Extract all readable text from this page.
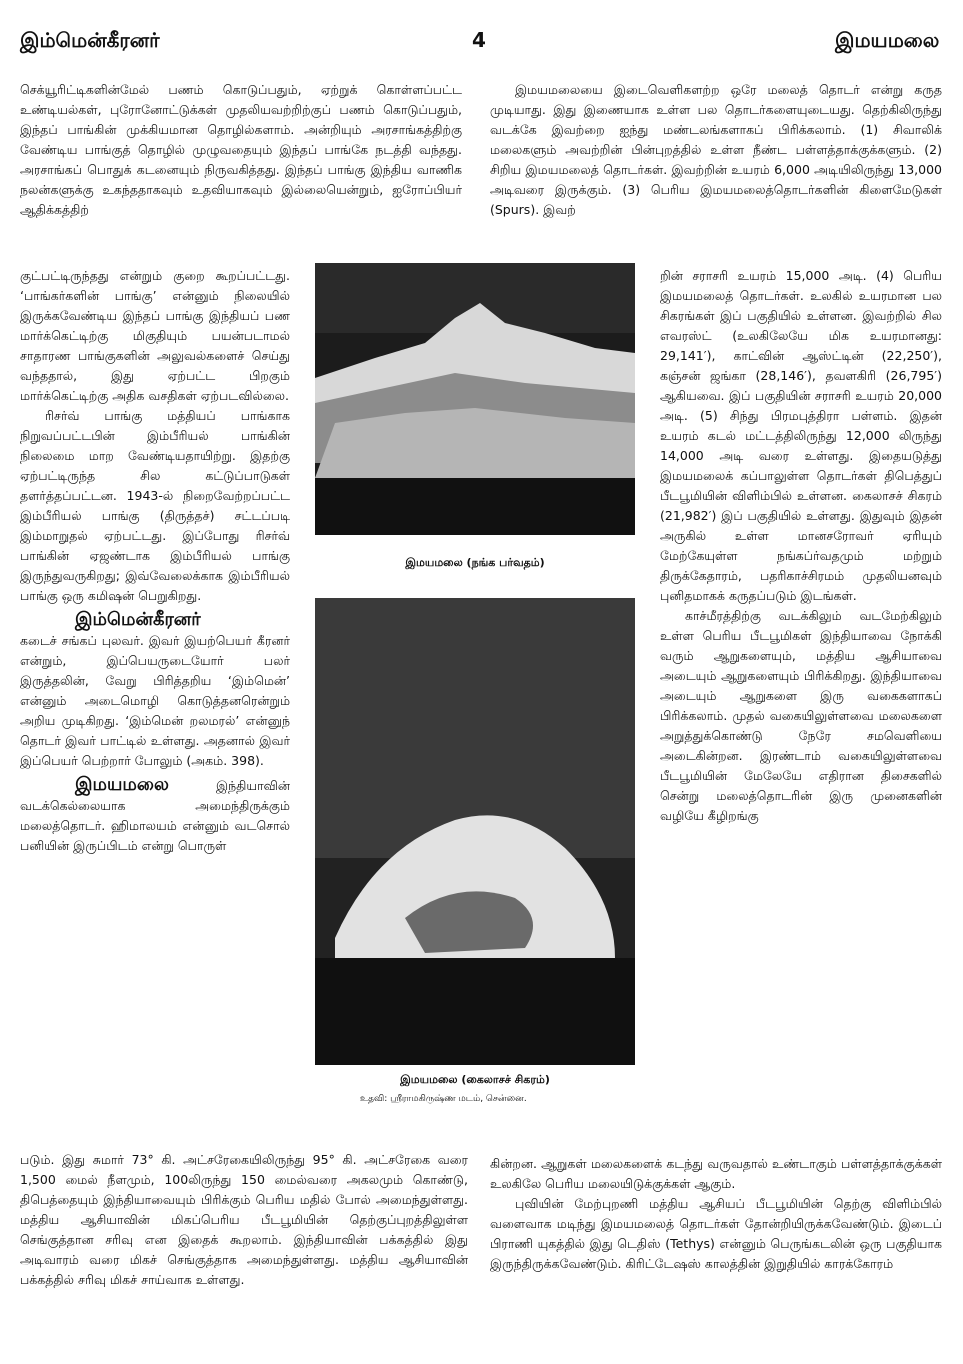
இம்மென்கீரனர்	4	இமயமலை

செக்யூரிட்டிகளின்மேல் பணம் கொடுப்பதும், ஏற்றுக் கொள்ளப்பட்ட உண்டியல்கள், புரோனோட்டுக்கள் முதலியவற்றிற்குப் பணம் கொடுப்பதும், இந்தப் பாங்கின் முக்கியமான தொழில்களாம். அன்றியும் அரசாங்கத்திற்கு வேண்டிய பாங்குத் தொழில் முழுவதையும் இந்தப் பாங்கே நடத்தி வந்தது. அரசாங்கப் பொதுக் கடனையும் நிருவகித்தது. இந்தப் பாங்கு இந்திய வாணிக நலன்களுக்கு உகந்ததாகவும் உதவியாகவும் இல்லையென்றும், ஐரோப்பியர் ஆதிக்கத்திற்

குட்பட்டிருந்தது என்றும் குறை கூறப்பட்டது. ‘பாங்கர்களின் பாங்கு’ என்னும் நிலையில் இருக்கவேண்டிய இந்தப் பாங்கு இந்தியப் பண மார்க்கெட்டிற்கு மிகுதியும் பயன்படாமல் சாதாரண பாங்குகளின் அலுவல்களைச் செய்து வந்ததால், இது ஏற்பட்ட பிறகும் மார்க்கெட்டிற்கு அதிக வசதிகள் ஏற்படவில்லை.
ரிசர்வ் பாங்கு மத்தியப் பாங்காக நிறுவப்பட்டபின் இம்பீரியல் பாங்கின் நிலைமை மாற வேண்டியதாயிற்று. இதற்கு ஏற்பட்டிருந்த சில கட்டுப்பாடுகள் தளர்த்தப்பட்டன. 1943-ல் நிறைவேற்றப்பட்ட இம்பீரியல் பாங்கு (திருத்தச்) சட்டப்படி இம்மாறுதல் ஏற்பட்டது. இப்போது ரிசர்வ் பாங்கின் ஏஜண்டாக இம்பீரியல் பாங்கு இருந்துவருகிறது; இவ்வேலைக்காக இம்பீரியல் பாங்கு ஒரு கமிஷன் பெறுகிறது.
இம்மென்கீரனர்
கடைச் சங்கப் புலவர். இவர் இயற்பெயர் கீரனர் என்றும், இப்பெயருடையோர் பலர் இருத்தலின், வேறு பிரித்தறிய ‘இம்மென்’ என்னும் அடைமொழி கொடுத்தனரென்றும் அறிய முடிகிறது. ‘இம்மென் றலமரல்’ என்னுந் தொடர் இவர் பாட்டில் உள்ளது. அதனால் இவர் இப்பெயர் பெற்றார் போலும் (அகம். 398).
இமயமலை	இந்தியாவின் வடக்கெல்லையாக அமைந்திருக்கும் மலைத்தொடர். ஹிமாலயம் என்னும் வடசொல் பனியின் இருப்பிடம் என்று பொருள்

படும். இது சுமார் 73° கி. அட்சரேகையிலிருந்து 95° கி. அட்சரேகை வரை 1,500 மைல் நீளமும், 100லிருந்து 150 மைல்வரை அகலமும் கொண்டு, திபெத்தையும் இந்தியாவையும் பிரிக்கும் பெரிய மதில் போல் அமைந்துள்ளது. மத்திய ஆசியாவின் மிகப்பெரிய பீடபூமியின் தெற்குப்புறத்திலுள்ள செங்குத்தான சரிவு என இதைக் கூறலாம். இந்தியாவின் பக்கத்தில் இது அடிவாரம் வரை மிகச் செங்குத்தாக அமைந்துள்ளது. மத்திய ஆசியாவின் பக்கத்தில் சரிவு மிகச் சாய்வாக உள்ளது.

இமயமலை (நங்க பர்வதம்)
இமயமலை (கைலாசச் சிகரம்)
உதவி: ஸ்ரீராமகிருஷ்ண மடம், சென்னை.

இமயமலையை இடைவெளிகளற்ற ஒரே மலைத் தொடர் என்று கருத முடியாது. இது இணையாக உள்ள பல தொடர்களையுடையது. தெற்கிலிருந்து வடக்கே இவற்றை ஐந்து மண்டலங்களாகப் பிரிக்கலாம். (1) சிவாலிக் மலைகளும் அவற்றின் பின்புறத்தில் உள்ள நீண்ட பள்ளத்தாக்குக்களும். (2) சிறிய இமயமலைத் தொடர்கள். இவற்றின் உயரம் 6,000 அடியிலிருந்து 13,000 அடிவரை இருக்கும். (3) பெரிய இமயமலைத்தொடர்களின் கிளைமேடுகள் (Spurs). இவற்

றின் சராசரி உயரம் 15,000 அடி. (4) பெரிய இமயமலைத் தொடர்கள். உலகில் உயரமான பல சிகரங்கள் இப் பகுதியில் உள்ளன. இவற்றில் சில எவரஸ்ட் (உலகிலேயே மிக உயரமானது: 29,141′), காட்வின் ஆஸ்ட்டின் (22,250′), கஞ்சன் ஜங்கா (28,146′), தவளகிரி (26,795′) ஆகியவை. இப் பகுதியின் சராசரி உயரம் 20,000 அடி. (5) சிந்து பிரமபுத்திரா பள்ளம். இதன் உயரம் கடல் மட்டத்திலிருந்து 12,000 லிருந்து 14,000 அடி வரை உள்ளது. இதையடுத்து இமயமலைக் கப்பாலுள்ள தொடர்கள் திபெத்துப் பீடபூமியின் விளிம்பில் உள்ளன. கைலாசச் சிகரம் (21,982′) இப் பகுதியில் உள்ளது. இதுவும் இதன் அருகில் உள்ள மானசரோவர் ஏரியும் மேற்கேயுள்ள நங்கப்ர்வதமும் மற்றும் திருக்கேதாரம், பதரிகாச்சிரமம் முதலியனவும் புனிதமாகக் கருதப்படும் இடங்கள்.
காச்மீரத்திற்கு வடக்கிலும் வடமேற்கிலும் உள்ள பெரிய பீடபூமிகள் இந்தியாவை நோக்கி வரும் ஆறுகளையும், மத்திய ஆசியாவை அடையும் ஆறுகளையும் பிரிக்கிறது. இந்தியாவை அடையும் ஆறுகளை இரு வகைகளாகப் பிரிக்கலாம். முதல் வகையிலுள்ளவை மலைகளை அறுத்துக்கொண்டு நேரே சமவெளியை அடைகின்றன. இரண்டாம் வகையிலுள்ளவை பீடபூமியின் மேலேயே எதிரான திசைகளில் சென்று மலைத்தொடரின் இரு முனைகளின் வழியே கீழிறங்கு
கின்றன. ஆறுகள் மலைகளைக் கடந்து வருவதால் உண்டாகும் பள்ளத்தாக்குக்கள் உலகிலே பெரிய மலையிடுக்குக்கள் ஆகும்.
புவியின் மேற்புறணி மத்திய ஆசியப் பீடபூமியின் தெற்கு விளிம்பில் வளைவாக மடிந்து இமயமலைத் தொடர்கள் தோன்றியிருக்கவேண்டும். இடைப் பிராணி யுகத்தில் இது டெதிஸ் (Tethys) என்னும் பெருங்கடலின் ஒரு பகுதியாக இருந்திருக்கவேண்டும். கிரிட்டேஷஸ் காலத்தின் இறுதியில் காரக்கோரம்
